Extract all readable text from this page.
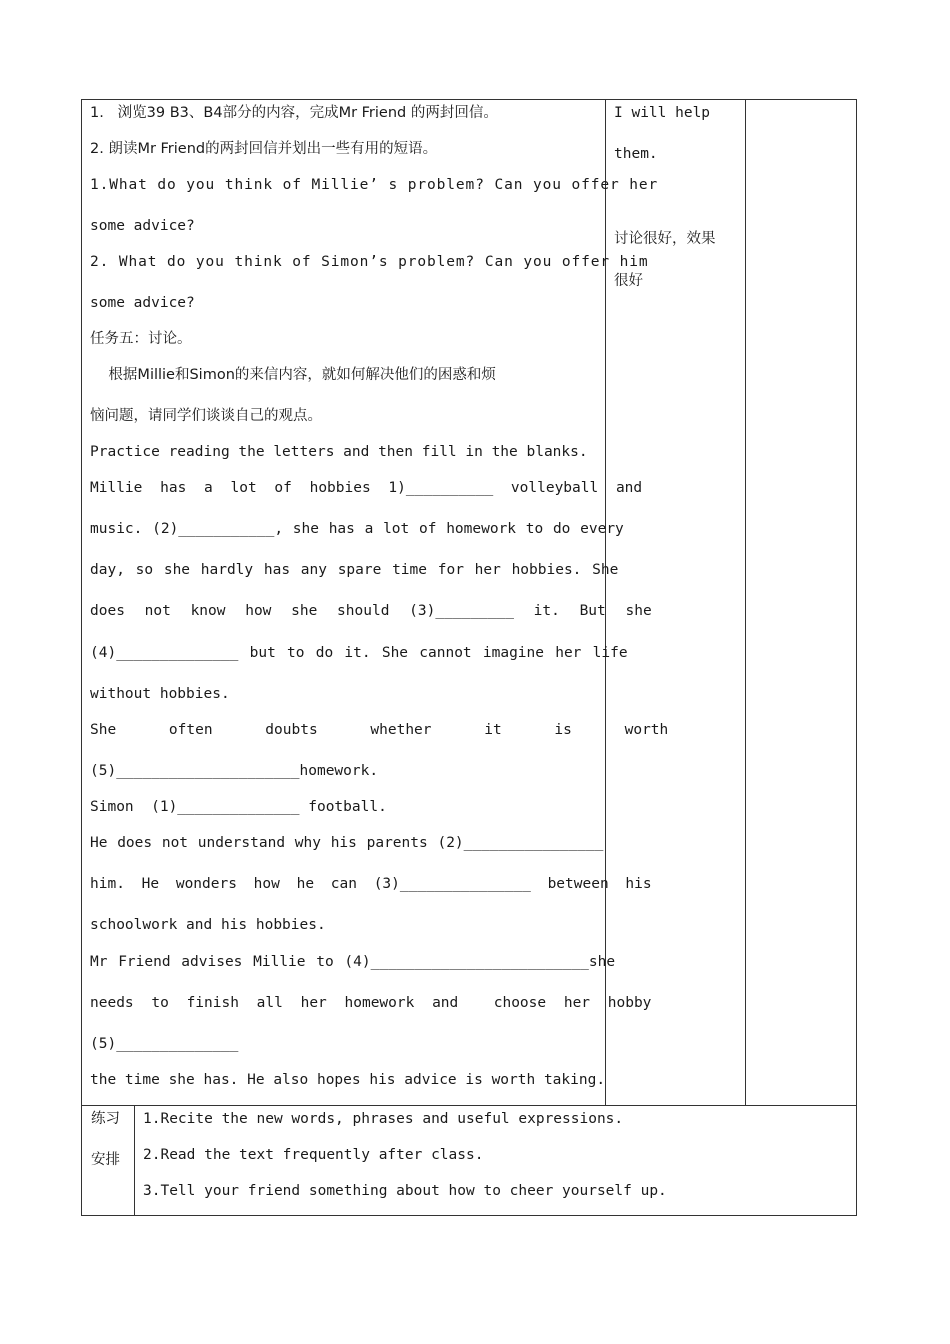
1.   浏览39 B3、B4部分的内容，完成Mr Friend 的两封回信。
2. 朗读Mr Friend的两封回信并划出一些有用的短语。
1.What do you think of Millie’ s problem? Can you offer her
some advice?
2. What do you think of Simon’s problem? Can you offer him
some advice?
任务五：讨论。
根据Millie和Simon的来信内容，就如何解决他们的困惑和烦
恼问题，请同学们谈谈自己的观点。
Practice reading the letters and then fill in the blanks.
Millie has a lot of hobbies 1)__________ volleyball and
music. (2)___________, she has a lot of homework to do every
day, so she hardly has any spare time for her hobbies. She
does not know how she should (3)_________ it. But she
(4)______________ but to do it. She cannot imagine her life
without hobbies.
She often doubts whether it is worth
(5)_____________________homework.
Simon  (1)______________ football.
He does not understand why his parents (2)________________
him. He wonders how he can (3)_______________ between his
schoolwork and his hobbies.
Mr Friend advises Millie to (4)_________________________she
needs to finish all her homework and  choose her hobby
(5)______________
the time she has. He also hopes his advice is worth taking.
I will help
them.
讨论很好，效果
很好
练习
安排
1.Recite the new words, phrases and useful expressions.
2.Read the text frequently after class.
3.Tell your friend something about how to cheer yourself up.
